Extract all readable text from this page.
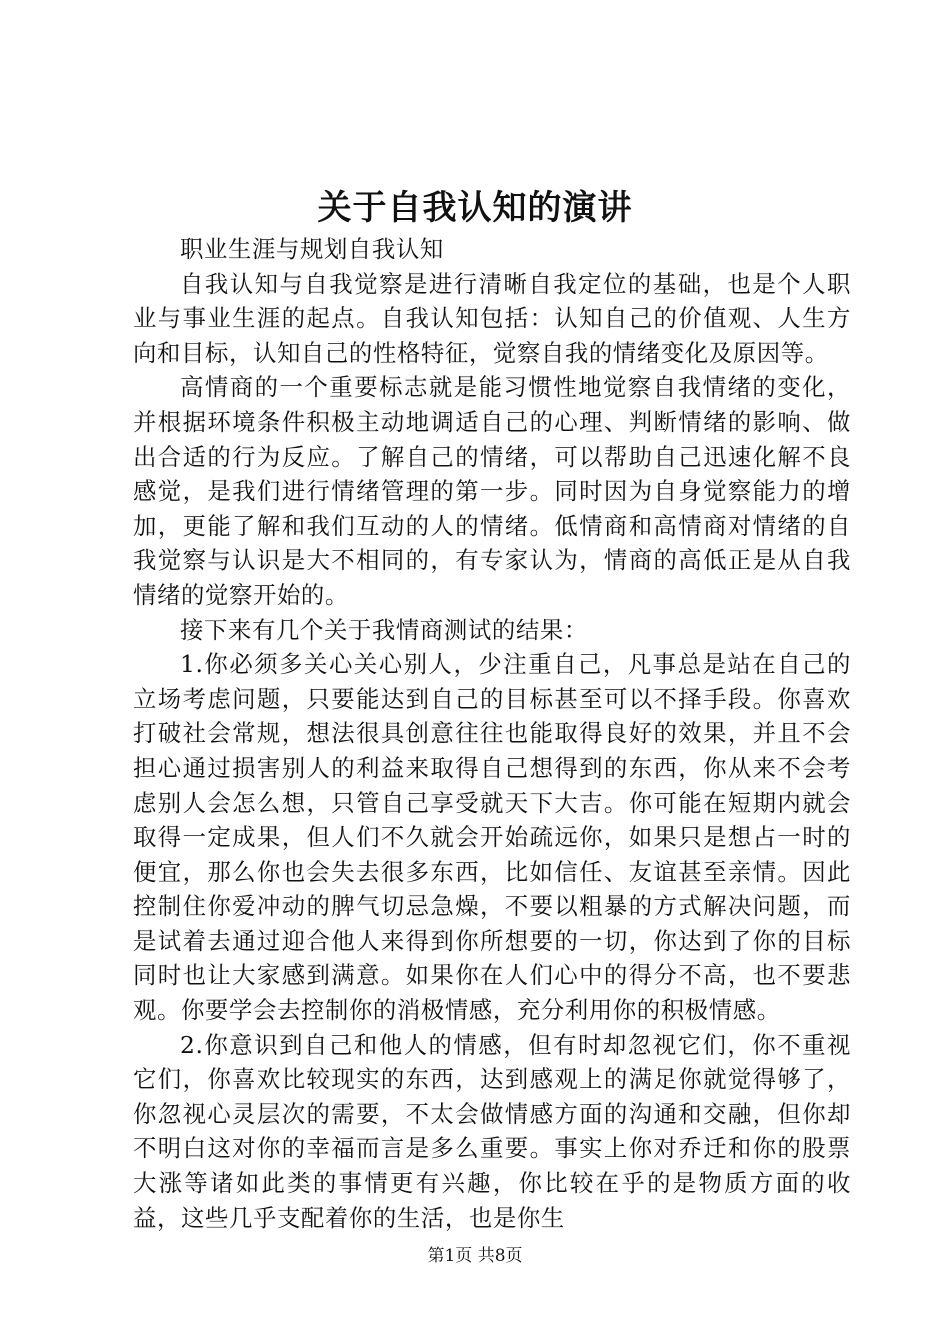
关于自我认知的演讲

职业生涯与规划自我认知

自我认知与自我觉察是进行清晰自我定位的基础，也是个人职业与事业生涯的起点。自我认知包括：认知自己的价值观、人生方向和目标，认知自己的性格特征，觉察自我的情绪变化及原因等。

高情商的一个重要标志就是能习惯性地觉察自我情绪的变化，并根据环境条件积极主动地调适自己的心理、判断情绪的影响、做出合适的行为反应。了解自己的情绪，可以帮助自己迅速化解不良感觉，是我们进行情绪管理的第一步。同时因为自身觉察能力的增加，更能了解和我们互动的人的情绪。低情商和高情商对情绪的自我觉察与认识是大不相同的，有专家认为，情商的高低正是从自我情绪的觉察开始的。

接下来有几个关于我情商测试的结果：

1.你必须多关心关心别人，少注重自己，凡事总是站在自己的立场考虑问题，只要能达到自己的目标甚至可以不择手段。你喜欢打破社会常规，想法很具创意往往也能取得良好的效果，并且不会担心通过损害别人的利益来取得自己想得到的东西，你从来不会考虑别人会怎么想，只管自己享受就天下大吉。你可能在短期内就会取得一定成果，但人们不久就会开始疏远你，如果只是想占一时的便宜，那么你也会失去很多东西，比如信任、友谊甚至亲情。因此控制住你爱冲动的脾气切忌急燥，不要以粗暴的方式解决问题，而是试着去通过迎合他人来得到你所想要的一切，你达到了你的目标同时也让大家感到满意。如果你在人们心中的得分不高，也不要悲观。你要学会去控制你的消极情感，充分利用你的积极情感。

2.你意识到自己和他人的情感，但有时却忽视它们，你不重视它们，你喜欢比较现实的东西，达到感观上的满足你就觉得够了，你忽视心灵层次的需要，不太会做情感方面的沟通和交融，但你却不明白这对你的幸福而言是多么重要。事实上你对乔迁和你的股票大涨等诸如此类的事情更有兴趣，你比较在乎的是物质方面的收益，这些几乎支配着你的生活，也是你生

第1页 共8页
